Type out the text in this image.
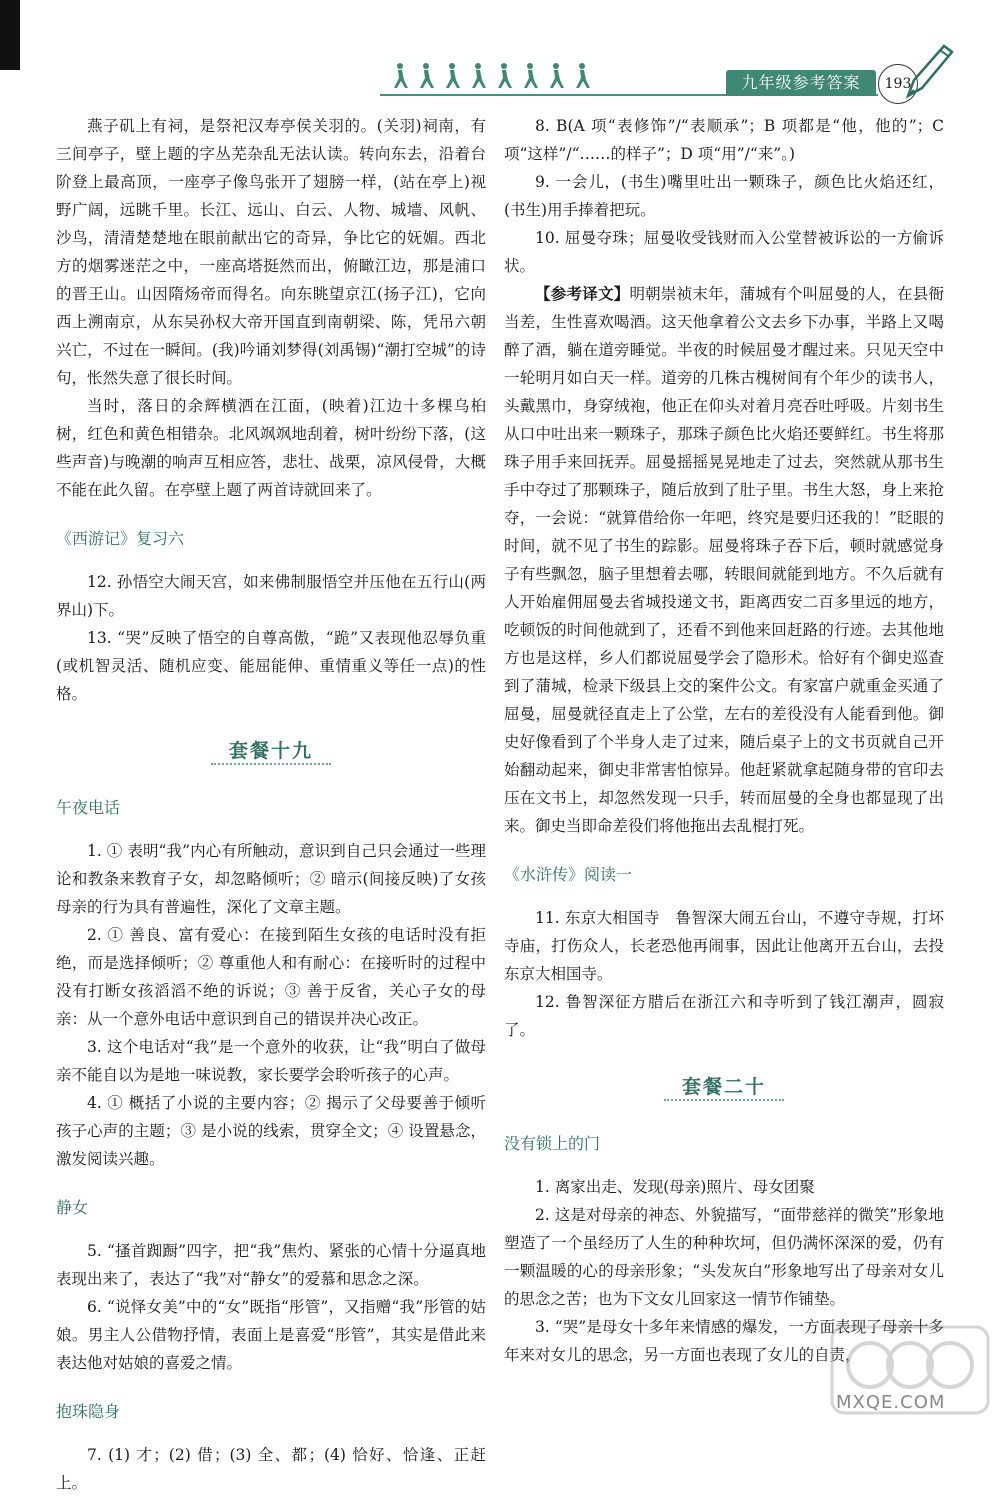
九年级参考答案	193

燕子矶上有祠，是祭祀汉寿亭侯关羽的。(关羽)祠南，有三间亭子，壁上题的字丛芜杂乱无法认读。转向东去，沿着台阶登上最高顶，一座亭子像鸟张开了翅膀一样，(站在亭上)视野广阔，远眺千里。长江、远山、白云、人物、城墙、风帆、沙鸟，清清楚楚地在眼前献出它的奇异，争比它的妩媚。西北方的烟雾迷茫之中，一座高塔挺然而出，俯瞰江边，那是浦口的晋王山。山因隋炀帝而得名。向东眺望京江(扬子江)，它向西上溯南京，从东吴孙权大帝开国直到南朝梁、陈，凭吊六朝兴亡，不过在一瞬间。(我)吟诵刘梦得(刘禹锡)“潮打空城”的诗句，怅然失意了很长时间。

当时，落日的余辉横洒在江面，(映着)江边十多棵乌桕树，红色和黄色相错杂。北风飒飒地刮着，树叶纷纷下落，(这些声音)与晚潮的响声互相应答，悲壮、战栗，凉风侵骨，大概不能在此久留。在亭壁上题了两首诗就回来了。

《西游记》复习六

12. 孙悟空大闹天宫，如来佛制服悟空并压他在五行山(两界山)下。

13. “哭”反映了悟空的自尊高傲，“跪”又表现他忍辱负重(或机智灵活、随机应变、能屈能伸、重情重义等任一点)的性格。

套餐十九
午夜电话

1. ① 表明“我”内心有所触动，意识到自己只会通过一些理论和教条来教育子女，却忽略倾听；② 暗示(间接反映)了女孩母亲的行为具有普遍性，深化了文章主题。

2. ① 善良、富有爱心：在接到陌生女孩的电话时没有拒绝，而是选择倾听；② 尊重他人和有耐心：在接听时的过程中没有打断女孩滔滔不绝的诉说；③ 善于反省，关心子女的母亲：从一个意外电话中意识到自己的错误并决心改正。

3. 这个电话对“我”是一个意外的收获，让“我”明白了做母亲不能自以为是地一味说教，家长要学会聆听孩子的心声。

4. ① 概括了小说的主要内容；② 揭示了父母要善于倾听孩子心声的主题；③ 是小说的线索，贯穿全文；④ 设置悬念，激发阅读兴趣。

静女

5. “搔首踟蹰”四字，把“我”焦灼、紧张的心情十分逼真地表现出来了，表达了“我”对“静女”的爱慕和思念之深。

6. “说怿女美”中的“女”既指“彤管”，又指赠“我”彤管的姑娘。男主人公借物抒情，表面上是喜爱“彤管”，其实是借此来表达他对姑娘的喜爱之情。

抱珠隐身

7. (1) 才；(2) 借；(3) 全、都；(4) 恰好、恰逢、正赶上。

8. B(A 项“表修饰”/“表顺承”；B 项都是“他，他的”；C 项“这样”/“……的样子”；D 项“用”/“来”。)

9. 一会儿，(书生)嘴里吐出一颗珠子，颜色比火焰还红，(书生)用手捧着把玩。

10. 屈曼夺珠；屈曼收受钱财而入公堂替被诉讼的一方偷诉状。

【参考译文】明朝崇祯末年，蒲城有个叫屈曼的人，在县衙当差，生性喜欢喝酒。这天他拿着公文去乡下办事，半路上又喝醉了酒，躺在道旁睡觉。半夜的时候屈曼才醒过来。只见天空中一轮明月如白天一样。道旁的几株古槐树间有个年少的读书人，头戴黑巾，身穿绒袍，他正在仰头对着月亮吞吐呼吸。片刻书生从口中吐出来一颗珠子，那珠子颜色比火焰还要鲜红。书生将那珠子用手来回抚弄。屈曼摇摇晃晃地走了过去，突然就从那书生手中夺过了那颗珠子，随后放到了肚子里。书生大怒，身上来抢夺，一会说：“就算借给你一年吧，终究是要归还我的！”眨眼的时间，就不见了书生的踪影。屈曼将珠子吞下后，顿时就感觉身子有些飘忽，脑子里想着去哪，转眼间就能到地方。不久后就有人开始雇佣屈曼去省城投递文书，距离西安二百多里远的地方，吃顿饭的时间他就到了，还看不到他来回赶路的行迹。去其他地方也是这样，乡人们都说屈曼学会了隐形术。恰好有个御史巡查到了蒲城，检录下级县上交的案件公文。有家富户就重金买通了屈曼，屈曼就径直走上了公堂，左右的差役没有人能看到他。御史好像看到了个半身人走了过来，随后桌子上的文书页就自己开始翻动起来，御史非常害怕惊异。他赶紧就拿起随身带的官印去压在文书上，却忽然发现一只手，转而屈曼的全身也都显现了出来。御史当即命差役们将他拖出去乱棍打死。

《水浒传》阅读一

11. 东京大相国寺　鲁智深大闹五台山，不遵守寺规，打坏寺庙，打伤众人，长老恐他再闹事，因此让他离开五台山，去投东京大相国寺。

12. 鲁智深征方腊后在浙江六和寺听到了钱江潮声，圆寂了。

套餐二十
没有锁上的门

1. 离家出走、发现(母亲)照片、母女团聚

2. 这是对母亲的神态、外貌描写，“面带慈祥的微笑”形象地塑造了一个虽经历了人生的种种坎坷，但仍满怀深深的爱，仍有一颗温暖的心的母亲形象；“头发灰白”形象地写出了母亲对女儿的思念之苦；也为下文女儿回家这一情节作铺垫。

3. “哭”是母女十多年来情感的爆发，一方面表现了母亲十多年来对女儿的思念，另一方面也表现了女儿的自责，

MXQE.COM
